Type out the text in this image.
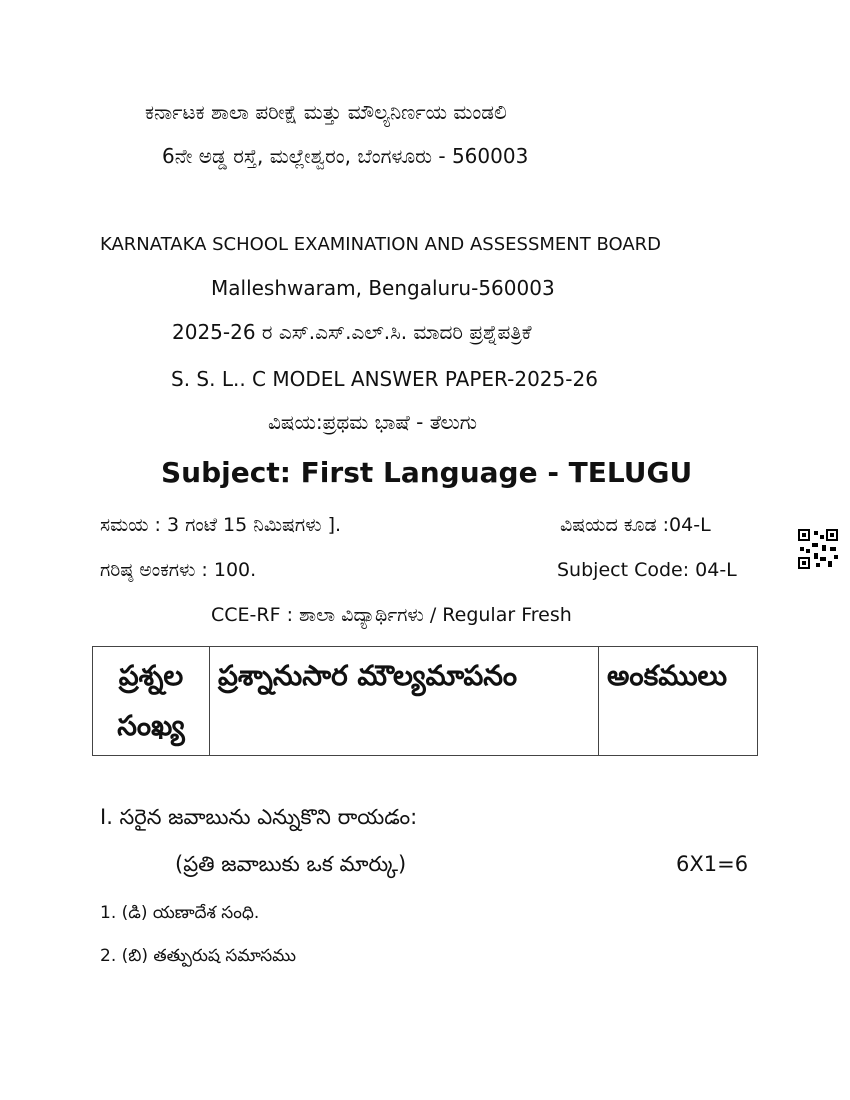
ಕರ್ನಾಟಕ ಶಾಲಾ ಪರೀಕ್ಷೆ ಮತ್ತು ಮೌಲ್ಯನಿರ್ಣಯ ಮಂಡಲಿ
6ನೇ ಅಡ್ಡ ರಸ್ತೆ, ಮಲ್ಲೇಶ್ವರಂ, ಬೆಂಗಳೂರು - 560003
KARNATAKA SCHOOL EXAMINATION AND ASSESSMENT BOARD
Malleshwaram, Bengaluru-560003
2025-26 ರ ಎಸ್.ಎಸ್.ಎಲ್.ಸಿ. ಮಾದರಿ ಪ್ರಶ್ನೆಪತ್ರಿಕೆ
S. S. L.. C MODEL ANSWER PAPER-2025-26
ವಿಷಯ:ಪ್ರಥಮ ಭಾಷೆ - ತೆಲುಗು
Subject: First Language - TELUGU
ಸಮಯ : 3 ಗಂಟೆ 15 ನಿಮಿಷಗಳು ].	ವಿಷಯದ ಕೂಡ :04-L
ಗರಿಷ್ಠ ಅಂಕಗಳು : 100.	Subject Code: 04-L
CCE-RF : ಶಾಲಾ ವಿದ್ಯಾರ್ಥಿಗಳು / Regular Fresh
ప్రశ్నల సంఖ్య	ప్రశ్నానుసార మౌల్యమాపనం	అంకములు
I. సరైన జవాబును ఎన్నుకొని రాయడం:
(ప్రతి జవాబుకు ఒక మార్కు)	6X1=6
1. (డి) యణాదేశ సంధి.
2. (బి) తత్పురుష సమాసము
